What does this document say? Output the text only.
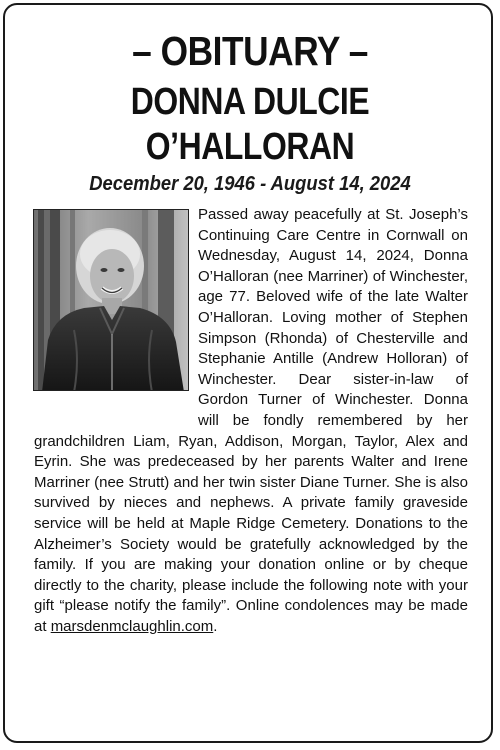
– OBITUARY –
DONNA DULCIE
O’HALLORAN
December 20, 1946 - August 14, 2024
Passed away peacefully at St. Joseph’s Continuing Care Centre in Cornwall on Wednesday, August 14, 2024, Donna O’Halloran (nee Marriner) of Winchester, age 77. Beloved wife of the late Walter O’Halloran. Loving mother of Stephen Simpson (Rhonda) of Chesterville and Stephanie Antille (Andrew Holloran) of Winchester. Dear sister-in-law of Gordon Turner of Winchester. Donna will be fondly remembered by her grandchildren Liam, Ryan, Addison, Morgan, Taylor, Alex and Eyrin. She was predeceased by her parents Walter and Irene Marriner (nee Strutt) and her twin sister Diane Turner. She is also survived by nieces and nephews. A private family graveside service will be held at Maple Ridge Cemetery. Donations to the Alzheimer’s Society would be gratefully acknowledged by the family. If you are making your donation online or by cheque directly to the charity, please include the following note with your gift “please notify the family”. Online condolences may be made at marsdenmclaughlin.com.
